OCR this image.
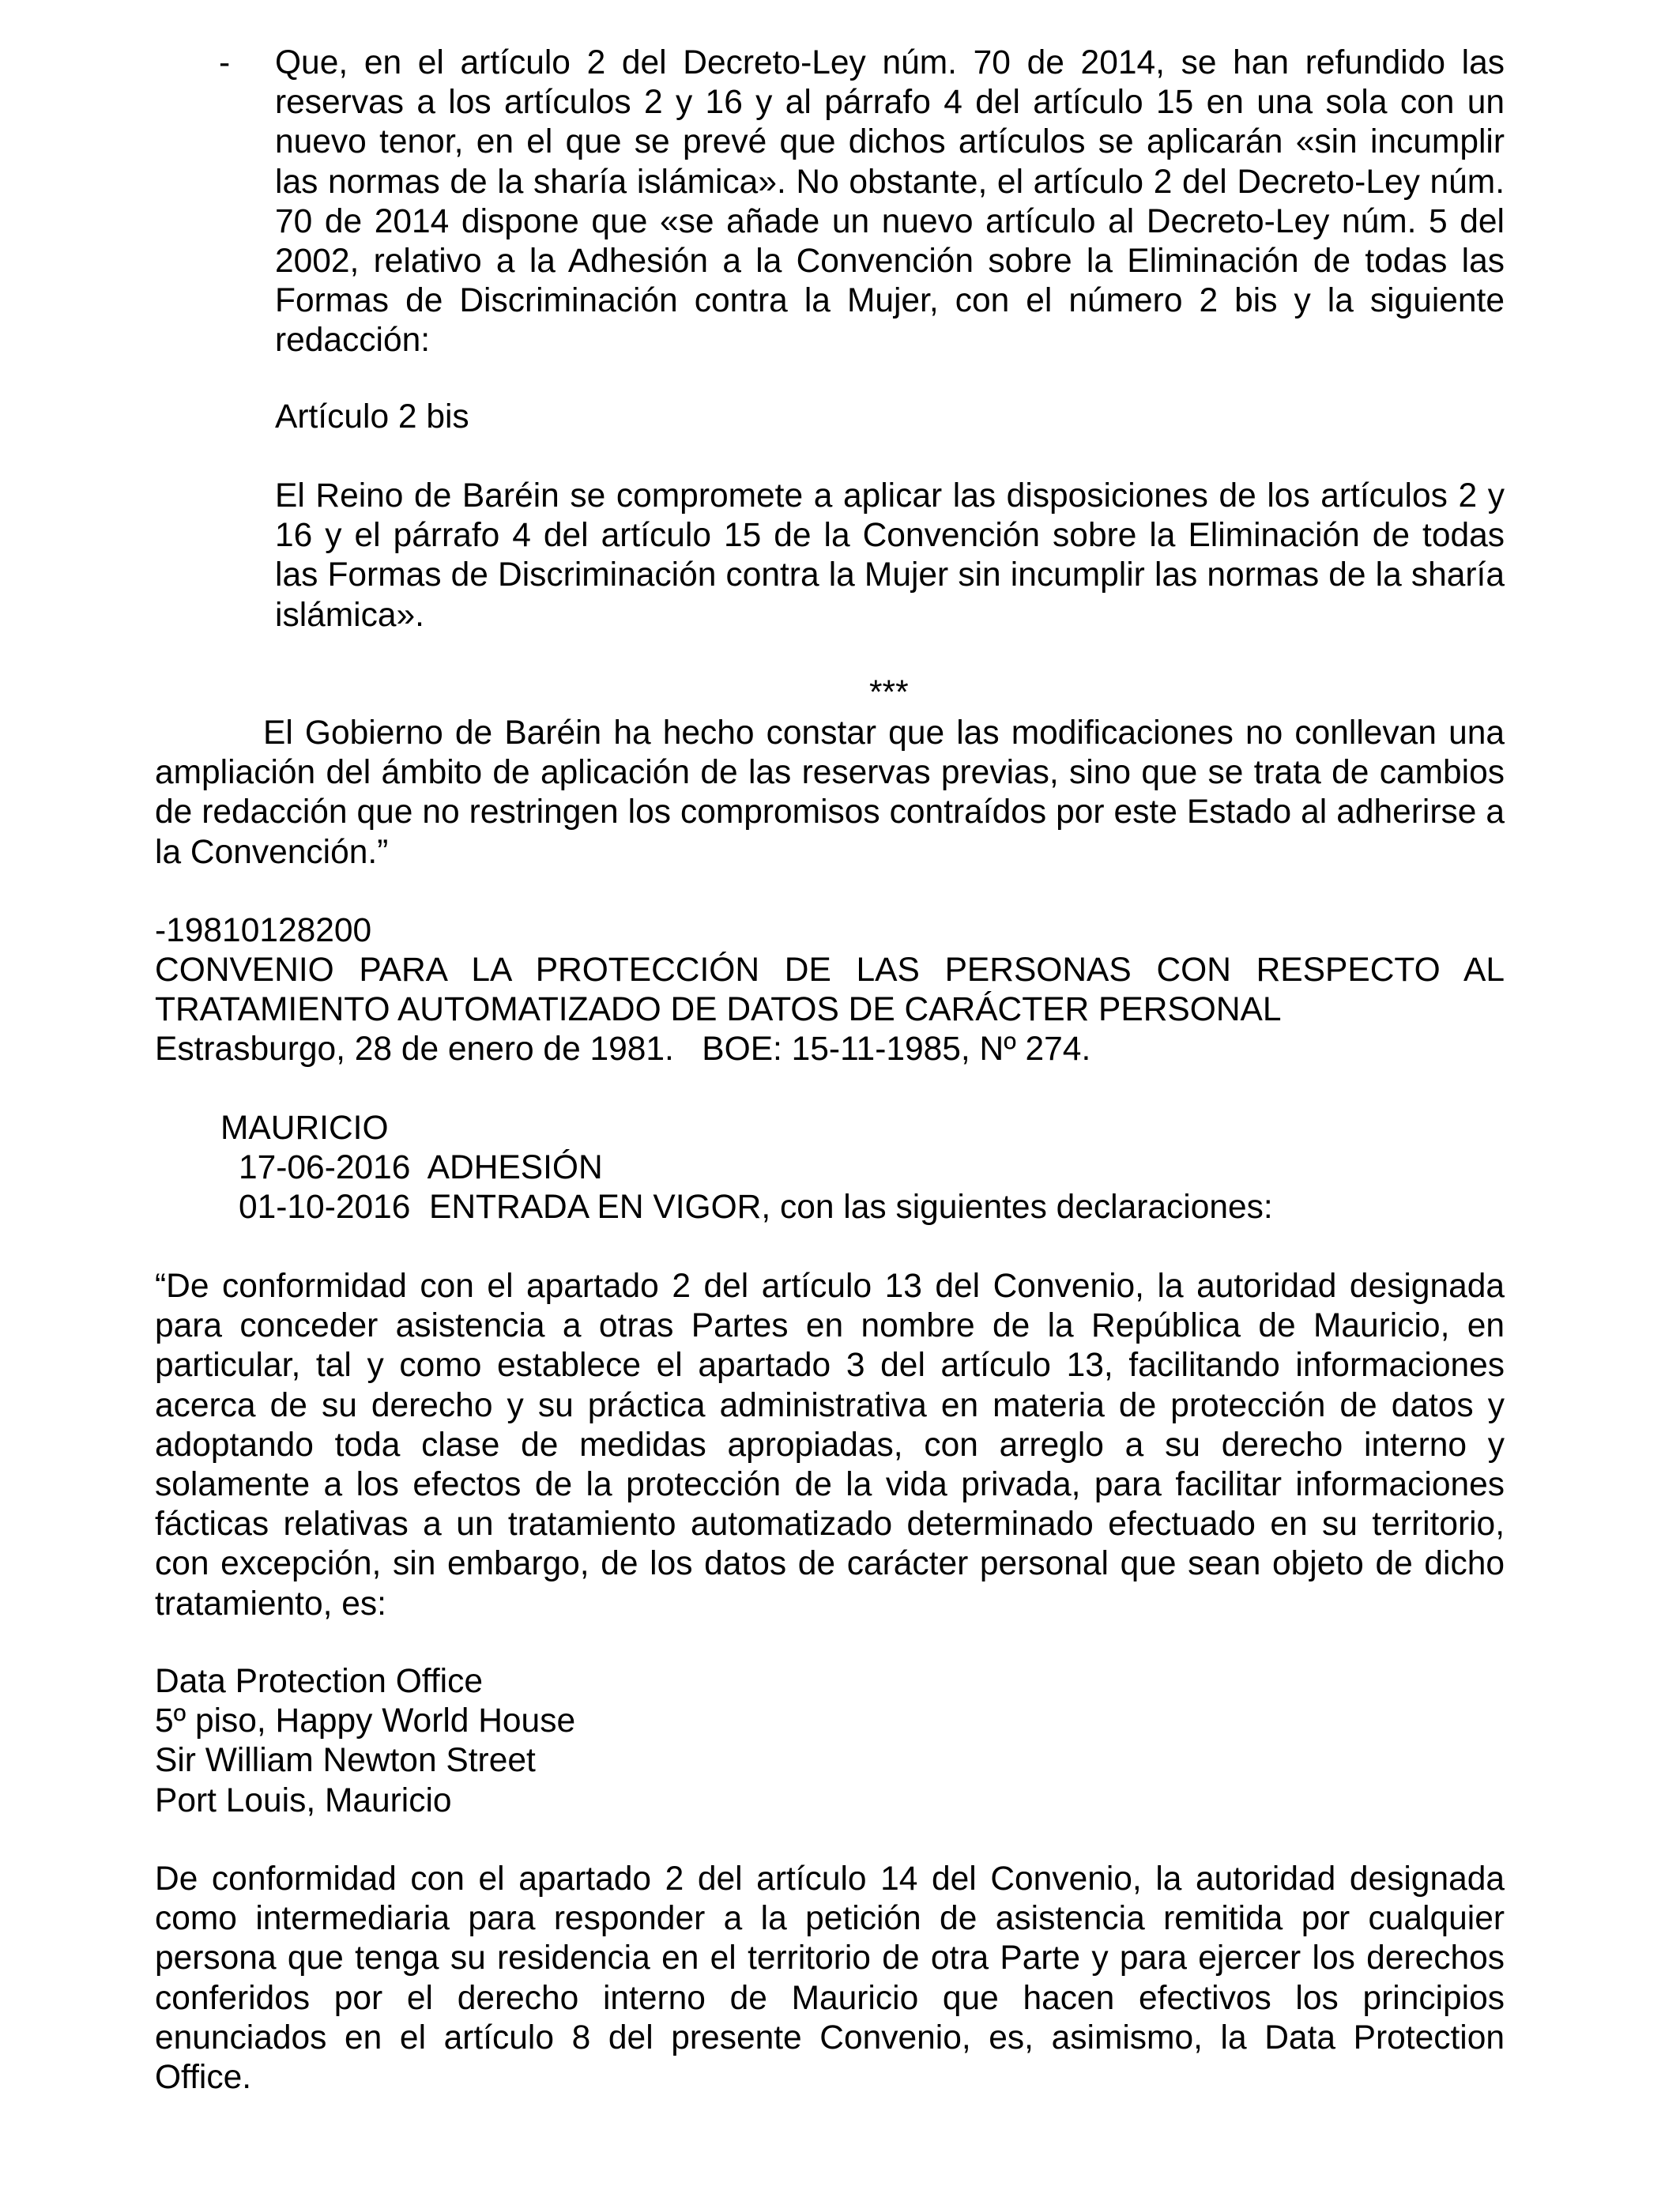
- Que, en el artículo 2 del Decreto-Ley núm. 70 de 2014, se han refundido las reservas a los artículos 2 y 16 y al párrafo 4 del artículo 15 en una sola con un nuevo tenor, en el que se prevé que dichos artículos se aplicarán «sin incumplir las normas de la sharía islámica». No obstante, el artículo 2 del Decreto-Ley núm. 70 de 2014 dispone que «se añade un nuevo artículo al Decreto-Ley núm. 5 del 2002, relativo a la Adhesión a la Convención sobre la Eliminación de todas las Formas de Discriminación contra la Mujer, con el número 2 bis y la siguiente redacción:

Artículo 2 bis

El Reino de Baréin se compromete a aplicar las disposiciones de los artículos 2 y 16 y el párrafo 4 del artículo 15 de la Convención sobre la Eliminación de todas las Formas de Discriminación contra la Mujer sin incumplir las normas de la sharía islámica».

***

El Gobierno de Baréin ha hecho constar que las modificaciones no conllevan una ampliación del ámbito de aplicación de las reservas previas, sino que se trata de cambios de redacción que no restringen los compromisos contraídos por este Estado al adherirse a la Convención.”

-19810128200

CONVENIO PARA LA PROTECCIÓN DE LAS PERSONAS CON RESPECTO AL

TRATAMIENTO AUTOMATIZADO DE DATOS DE CARÁCTER PERSONAL

Estrasburgo, 28 de enero de 1981.   BOE: 15-11-1985, Nº 274.

MAURICIO

17-06-2016  ADHESIÓN

01-10-2016  ENTRADA EN VIGOR, con las siguientes declaraciones:

“De conformidad con el apartado 2 del artículo 13 del Convenio, la autoridad designada para conceder asistencia a otras Partes en nombre de la República de Mauricio, en particular, tal y como establece el apartado 3 del artículo 13, facilitando informaciones acerca de su derecho y su práctica administrativa en materia de protección de datos y adoptando toda clase de medidas apropiadas, con arreglo a su derecho interno y solamente a los efectos de la protección de la vida privada, para facilitar informaciones fácticas relativas a un tratamiento automatizado determinado efectuado en su territorio, con excepción, sin embargo, de los datos de carácter personal que sean objeto de dicho tratamiento, es:

Data Protection Office

5º piso, Happy World House

Sir William Newton Street

Port Louis, Mauricio

De conformidad con el apartado 2 del artículo 14 del Convenio, la autoridad designada como intermediaria para responder a la petición de asistencia remitida por cualquier persona que tenga su residencia en el territorio de otra Parte y para ejercer los derechos conferidos por el derecho interno de Mauricio que hacen efectivos los principios enunciados en el artículo 8 del presente Convenio, es, asimismo, la Data Protection Office.
